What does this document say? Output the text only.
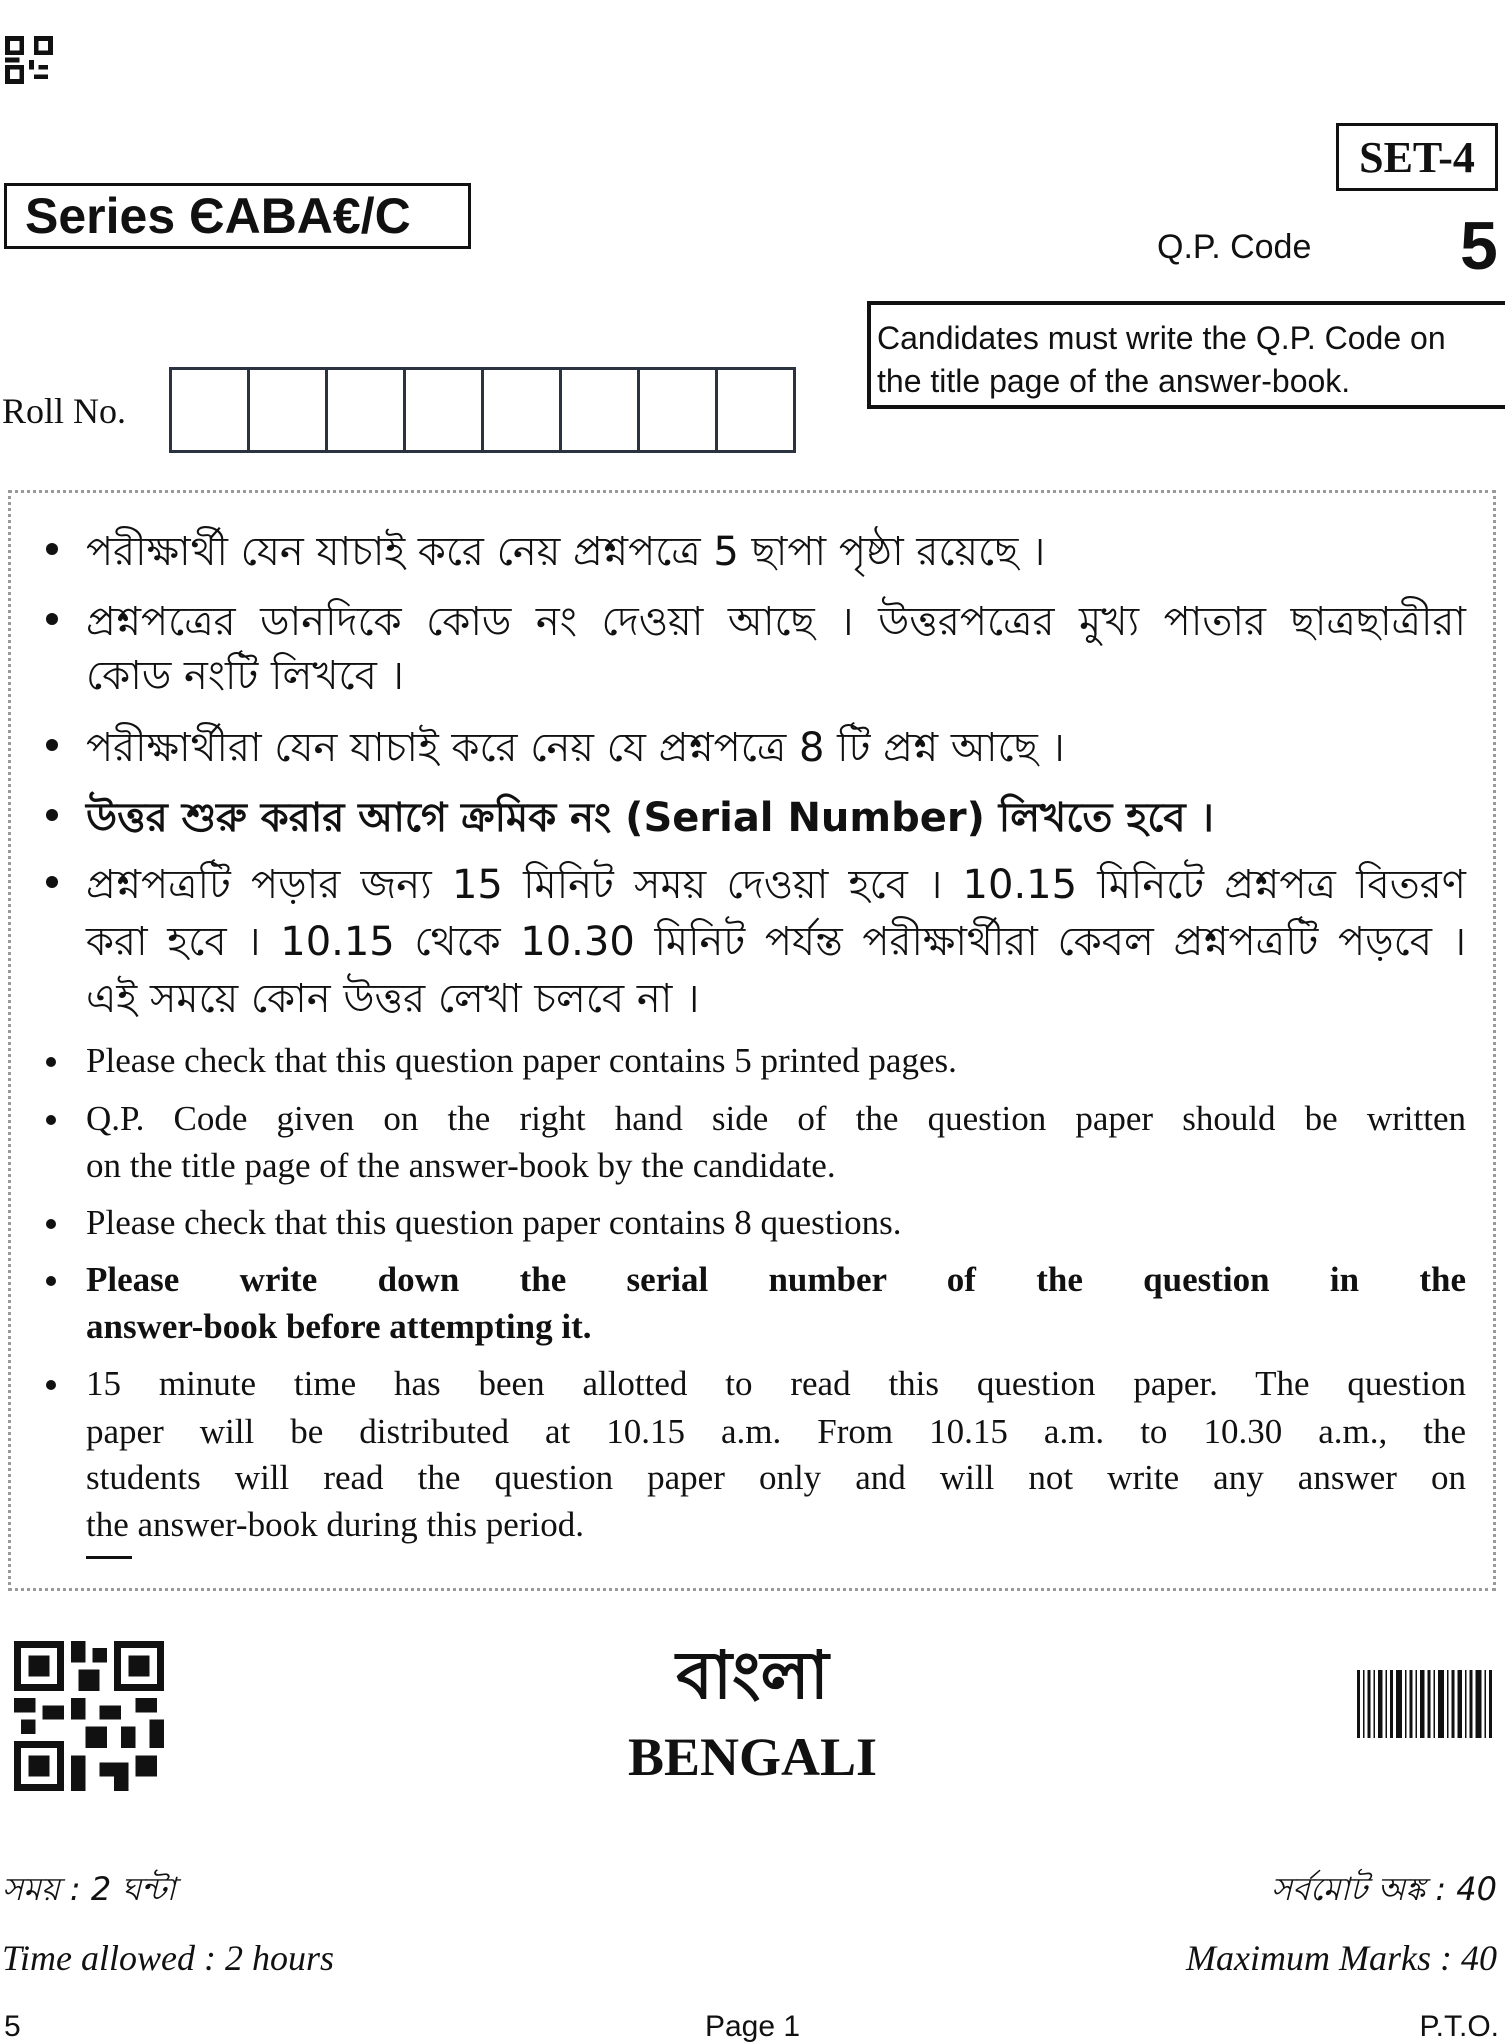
SET-4
Series ЄABA€/C
Q.P. Code 5
Candidates must write the Q.P. Code on
the title page of the answer-book.
Roll No.
পরীক্ষার্থী যেন যাচাই করে নেয় প্রশ্নপত্রে 5 ছাপা পৃষ্ঠা রয়েছে ।
প্রশ্নপত্রের ডানদিকে কোড নং দেওয়া আছে । উত্তরপত্রের মুখ্য পাতার ছাত্রছাত্রীরা
কোড নংটি লিখবে ।
পরীক্ষার্থীরা যেন যাচাই করে নেয় যে প্রশ্নপত্রে 8 টি প্রশ্ন আছে ।
উত্তর শুরু করার আগে ক্রমিক নং (Serial Number) লিখতে হবে ।
প্রশ্নপত্রটি পড়ার জন্য 15 মিনিট সময় দেওয়া হবে । 10.15 মিনিটে প্রশ্নপত্র বিতরণ
করা হবে । 10.15 থেকে 10.30 মিনিট পর্যন্ত পরীক্ষার্থীরা কেবল প্রশ্নপত্রটি পড়বে ।
এই সময়ে কোন উত্তর লেখা চলবে না ।
Please check that this question paper contains 5 printed pages.
Q.P. Code given on the right hand side of the question paper should be written
on the title page of the answer-book by the candidate.
Please check that this question paper contains 8 questions.
Please write down the serial number of the question in the
answer-book before attempting it.
15 minute time has been allotted to read this question paper. The question
paper will be distributed at 10.15 a.m. From 10.15 a.m. to 10.30 a.m., the
students will read the question paper only and will not write any answer on
the answer-book during this period.
বাংলা
BENGALI
সময় : 2 ঘন্টা	সর্বমোট অঙ্ক : 40
Time allowed : 2 hours	Maximum Marks : 40
5	Page 1	P.T.O.
